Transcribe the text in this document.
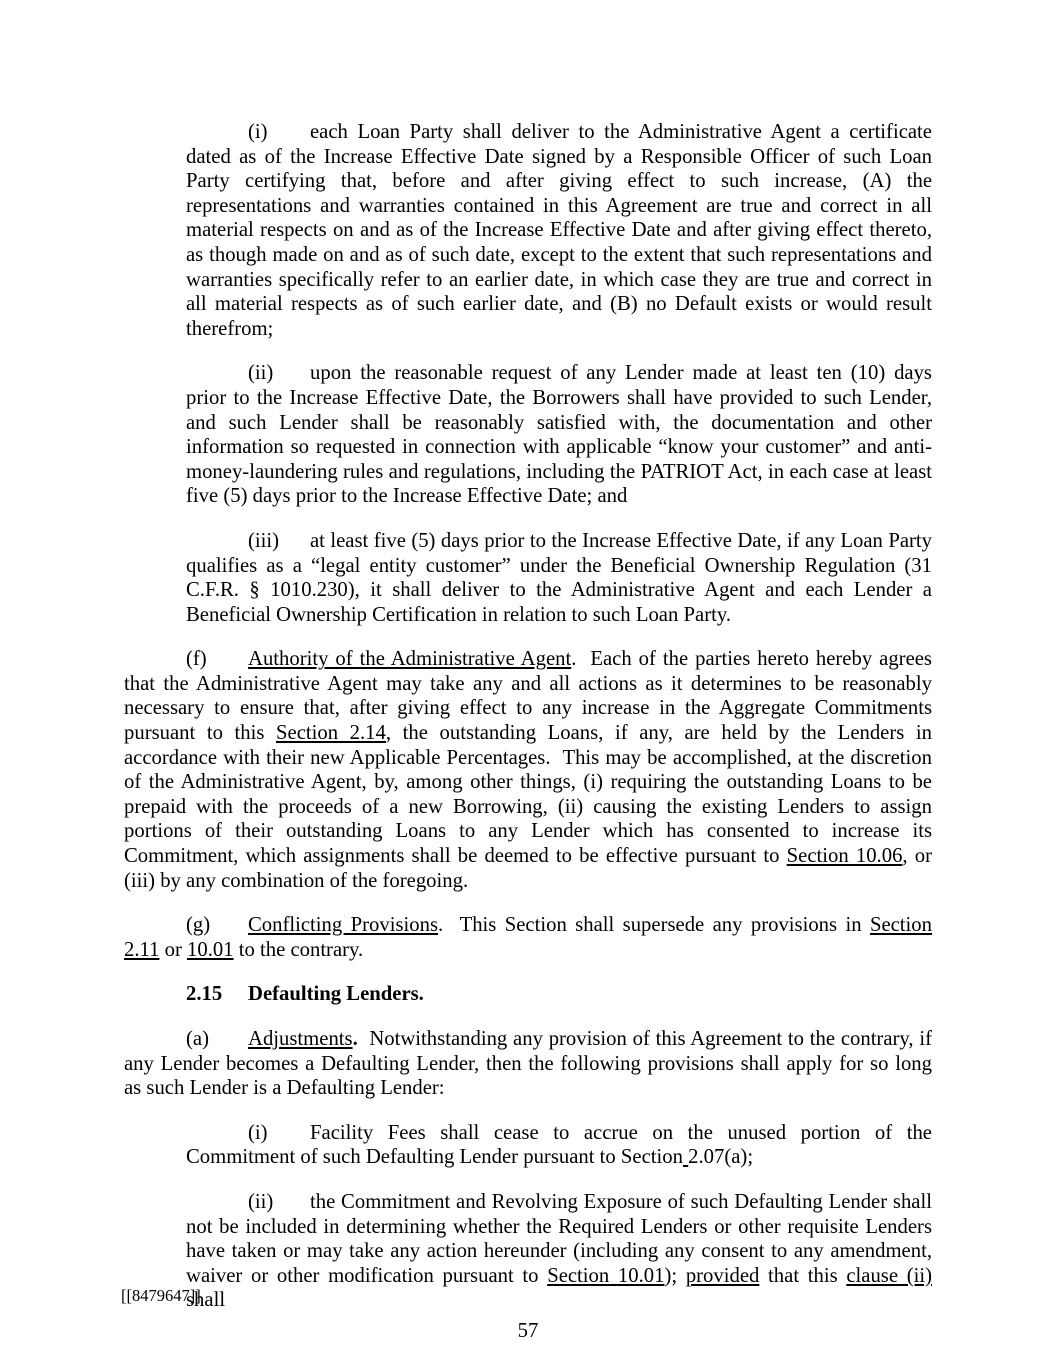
(i) each Loan Party shall deliver to the Administrative Agent a certificate dated as of the Increase Effective Date signed by a Responsible Officer of such Loan Party certifying that, before and after giving effect to such increase, (A) the representations and warranties contained in this Agreement are true and correct in all material respects on and as of the Increase Effective Date and after giving effect thereto, as though made on and as of such date, except to the extent that such representations and warranties specifically refer to an earlier date, in which case they are true and correct in all material respects as of such earlier date, and (B) no Default exists or would result therefrom;

(ii) upon the reasonable request of any Lender made at least ten (10) days prior to the Increase Effective Date, the Borrowers shall have provided to such Lender, and such Lender shall be reasonably satisfied with, the documentation and other information so requested in connection with applicable “know your customer” and anti-money-laundering rules and regulations, including the PATRIOT Act, in each case at least five (5) days prior to the Increase Effective Date; and

(iii) at least five (5) days prior to the Increase Effective Date, if any Loan Party qualifies as a “legal entity customer” under the Beneficial Ownership Regulation (31 C.F.R. § 1010.230), it shall deliver to the Administrative Agent and each Lender a Beneficial Ownership Certification in relation to such Loan Party.

(f) Authority of the Administrative Agent.  Each of the parties hereto hereby agrees that the Administrative Agent may take any and all actions as it determines to be reasonably necessary to ensure that, after giving effect to any increase in the Aggregate Commitments pursuant to this Section 2.14, the outstanding Loans, if any, are held by the Lenders in accordance with their new Applicable Percentages.  This may be accomplished, at the discretion of the Administrative Agent, by, among other things, (i) requiring the outstanding Loans to be prepaid with the proceeds of a new Borrowing, (ii) causing the existing Lenders to assign portions of their outstanding Loans to any Lender which has consented to increase its Commitment, which assignments shall be deemed to be effective pursuant to Section 10.06, or (iii) by any combination of the foregoing.

(g) Conflicting Provisions.  This Section shall supersede any provisions in Section 2.11 or 10.01 to the contrary.

2.15 Defaulting Lenders.

(a) Adjustments.  Notwithstanding any provision of this Agreement to the contrary, if any Lender becomes a Defaulting Lender, then the following provisions shall apply for so long as such Lender is a Defaulting Lender:

(i) Facility Fees shall cease to accrue on the unused portion of the Commitment of such Defaulting Lender pursuant to Section 2.07(a);

(ii) the Commitment and Revolving Exposure of such Defaulting Lender shall not be included in determining whether the Required Lenders or other requisite Lenders have taken or may take any action hereunder (including any consent to any amendment, waiver or other modification pursuant to Section 10.01); provided that this clause (ii) shall

57
[[8479647]]
